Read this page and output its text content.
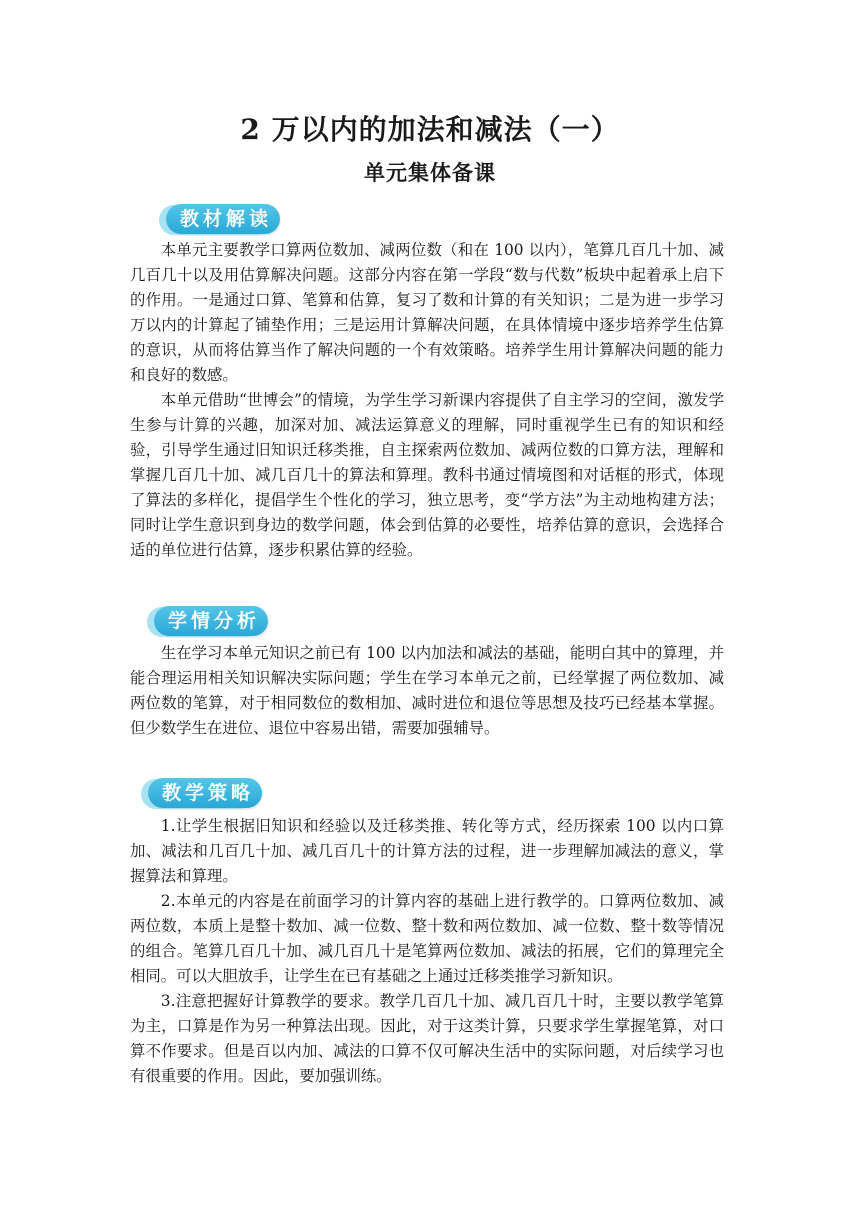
2 万以内的加法和减法（一）
单元集体备课
教材解读

本单元主要教学口算两位数加、减两位数（和在 100 以内），笔算几百几十加、减几百几十以及用估算解决问题。这部分内容在第一学段“数与代数”板块中起着承上启下的作用。一是通过口算、笔算和估算，复习了数和计算的有关知识；二是为进一步学习万以内的计算起了铺垫作用；三是运用计算解决问题，在具体情境中逐步培养学生估算的意识，从而将估算当作了解决问题的一个有效策略。培养学生用计算解决问题的能力和良好的数感。

本单元借助“世博会”的情境，为学生学习新课内容提供了自主学习的空间，激发学生参与计算的兴趣，加深对加、减法运算意义的理解，同时重视学生已有的知识和经验，引导学生通过旧知识迁移类推，自主探索两位数加、减两位数的口算方法，理解和掌握几百几十加、减几百几十的算法和算理。教科书通过情境图和对话框的形式，体现了算法的多样化，提倡学生个性化的学习，独立思考，变“学方法”为主动地构建方法；同时让学生意识到身边的数学问题，体会到估算的必要性，培养估算的意识，会选择合适的单位进行估算，逐步积累估算的经验。

学情分析

生在学习本单元知识之前已有 100 以内加法和减法的基础，能明白其中的算理，并能合理运用相关知识解决实际问题；学生在学习本单元之前，已经掌握了两位数加、减两位数的笔算，对于相同数位的数相加、减时进位和退位等思想及技巧已经基本掌握。但少数学生在进位、退位中容易出错，需要加强辅导。

教学策略

1.让学生根据旧知识和经验以及迁移类推、转化等方式，经历探索 100 以内口算加、减法和几百几十加、减几百几十的计算方法的过程，进一步理解加减法的意义，掌握算法和算理。

2.本单元的内容是在前面学习的计算内容的基础上进行教学的。口算两位数加、减两位数，本质上是整十数加、减一位数、整十数和两位数加、减一位数、整十数等情况的组合。笔算几百几十加、减几百几十是笔算两位数加、减法的拓展，它们的算理完全相同。可以大胆放手，让学生在已有基础之上通过迁移类推学习新知识。

3.注意把握好计算教学的要求。教学几百几十加、减几百几十时，主要以教学笔算为主，口算是作为另一种算法出现。因此，对于这类计算，只要求学生掌握笔算，对口算不作要求。但是百以内加、减法的口算不仅可解决生活中的实际问题，对后续学习也有很重要的作用。因此，要加强训练。
